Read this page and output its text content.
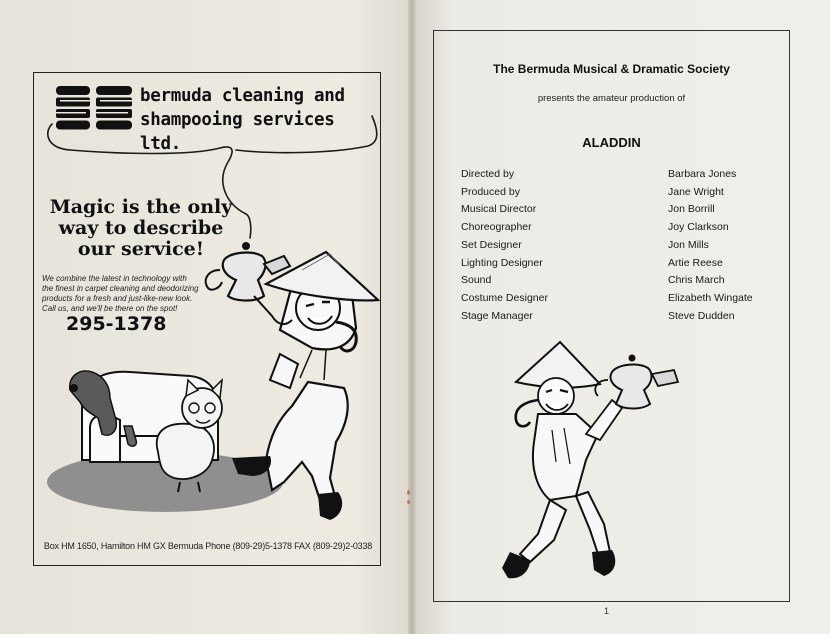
bermuda cleaning and
shampooing services ltd.
Magic is the only
way to describe
our service!
We combine the latest in technology with
the finest in carpet cleaning and deodorizing
products for a fresh and just-like-new look.
Call us, and we'll be there on the spot!
295-1378
Box HM 1650, Hamilton HM GX Bermuda Phone (809-29)5-1378 FAX (809-29)2-0338
The Bermuda Musical & Dramatic Society
presents the amateur production of
ALADDIN
Directed by
Produced by
Musical Director
Choreographer
Set Designer
Lighting Designer
Sound
Costume Designer
Stage Manager
Barbara Jones
Jane Wright
Jon Borrill
Joy Clarkson
Jon Mills
Artie Reese
Chris March
Elizabeth Wingate
Steve Dudden
1
